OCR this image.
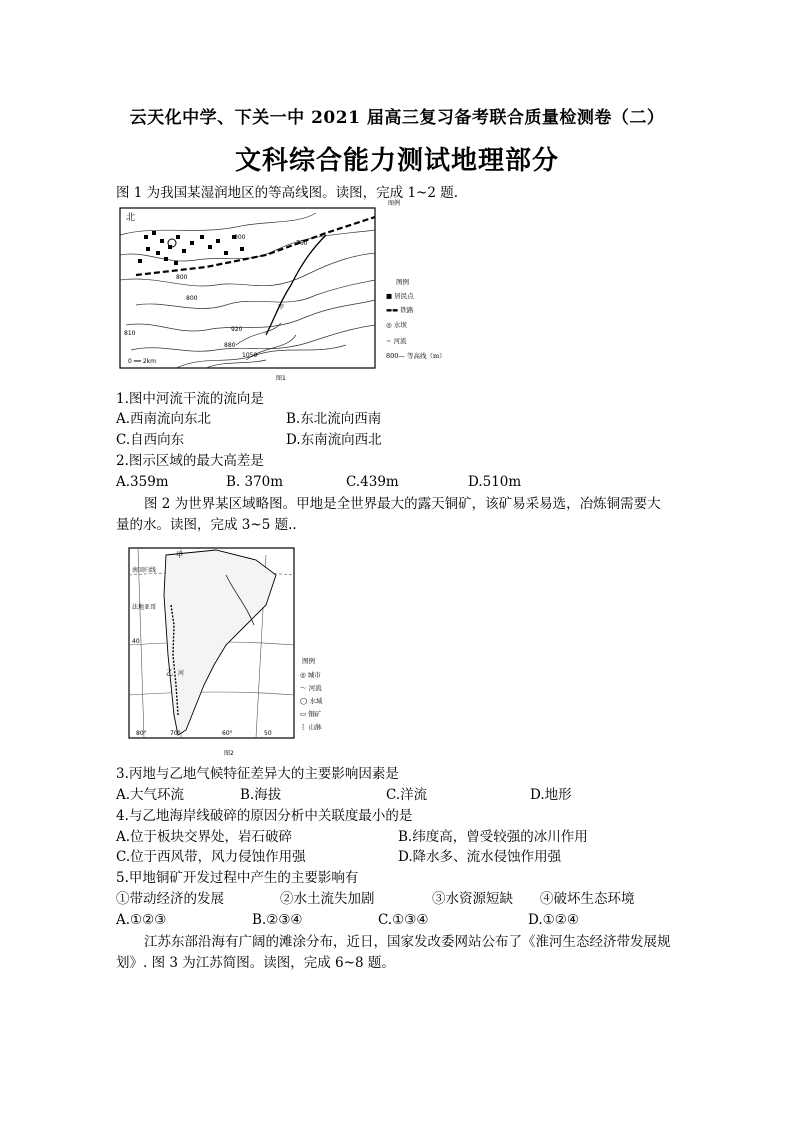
云天化中学、下关一中 2021 届高三复习备考联合质量检测卷（二）
文科综合能力测试地理部分
图 1 为我国某湿润地区的等高线图。读图，完成 1~2 题.
北
800
760
800
800
810
920
880
1050
甲
0 ━━ 2km
图例
图1
图例
■ 居民点
▬▬ 铁路
◎ 水坝
∼ 河流
800— 等高线（m）
1.图中河流干流的流向是
A.西南流向东北	B.东北流向西南
C.自西向东	D.东南流向西北
2.图示区域的最大高差是
A.359m	B. 370m	C.439m	D.510m
图 2 为世界某区域略图。甲地是全世界最大的露天铜矿，该矿易采易选，冶炼铜需要大
量的水。读图，完成 3~5 题..
甲
南回归线
法地亚哥
40
乙 河
80°	70°	60°	50
图2
图例
◎ 城市
～ 河流
◯ 水域
▭ 铜矿
⌇ 山脉
3.丙地与乙地气候特征差异大的主要影响因素是
A.大气环流	B.海拔	C.洋流	D.地形
4.与乙地海岸线破碎的原因分析中关联度最小的是
A.位于板块交界处，岩石破碎	B.纬度高，曾受较强的冰川作用
C.位于西风带，风力侵蚀作用强	D.降水多、流水侵蚀作用强
5.甲地铜矿开发过程中产生的主要影响有
①带动经济的发展	②水土流失加剧	③水资源短缺 ④破坏生态环境
A.①②③	B.②③④	C.①③④	D.①②④
江苏东部沿海有广阔的滩涂分布，近日，国家发改委网站公布了《淮河生态经济带发展规
划》. 图 3 为江苏简图。读图，完成 6~8 题。
